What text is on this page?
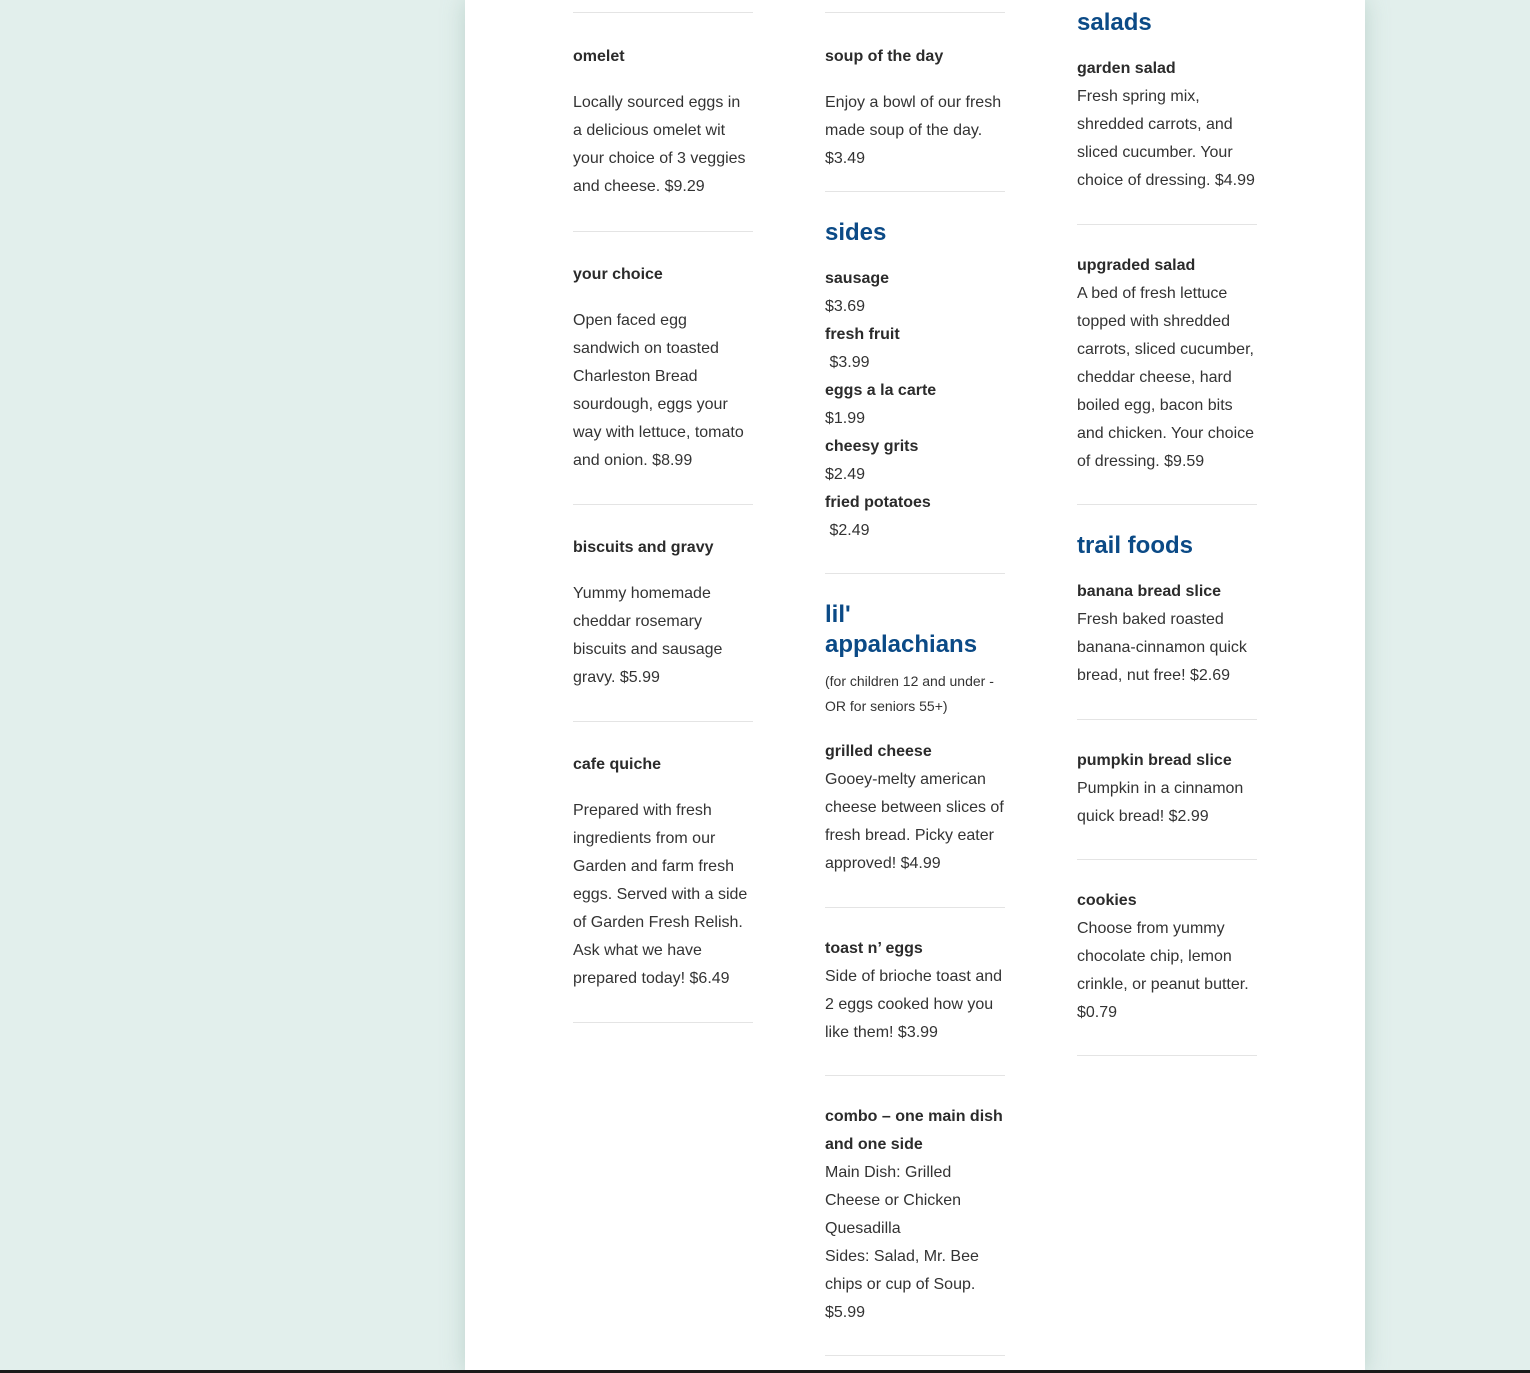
omelet
Locally sourced eggs in a delicious omelet wit your choice of 3 veggies and cheese. $9.29
your choice
Open faced egg sandwich on toasted Charleston Bread sourdough, eggs your way with lettuce, tomato and onion. $8.99
biscuits and gravy
Yummy homemade cheddar rosemary biscuits and sausage gravy. $5.99
cafe quiche
Prepared with fresh ingredients from our Garden and farm fresh eggs. Served with a side of Garden Fresh Relish. Ask what we have prepared today! $6.49
soup of the day
Enjoy a bowl of our fresh made soup of the day. $3.49
sides
sausage
$3.69
fresh fruit
$3.99
eggs a la carte
$1.99
cheesy grits
$2.49
fried potatoes
$2.49
lil' appalachians
(for children 12 and under - OR for seniors 55+)
grilled cheese
Gooey-melty american cheese between slices of fresh bread. Picky eater approved! $4.99
toast n’ eggs
Side of brioche toast and 2 eggs cooked how you like them! $3.99
combo – one main dish and one side
Main Dish: Grilled Cheese or Chicken Quesadilla
Sides: Salad, Mr. Bee chips or cup of Soup. $5.99
salads
garden salad
Fresh spring mix, shredded carrots, and sliced cucumber. Your choice of dressing. $4.99
upgraded salad
A bed of fresh lettuce topped with shredded carrots, sliced cucumber, cheddar cheese, hard boiled egg, bacon bits and chicken. Your choice of dressing. $9.59
trail foods
banana bread slice
Fresh baked roasted banana-cinnamon quick bread, nut free! $2.69
pumpkin bread slice
Pumpkin in a cinnamon quick bread! $2.99
cookies
Choose from yummy chocolate chip, lemon crinkle, or peanut butter. $0.79
